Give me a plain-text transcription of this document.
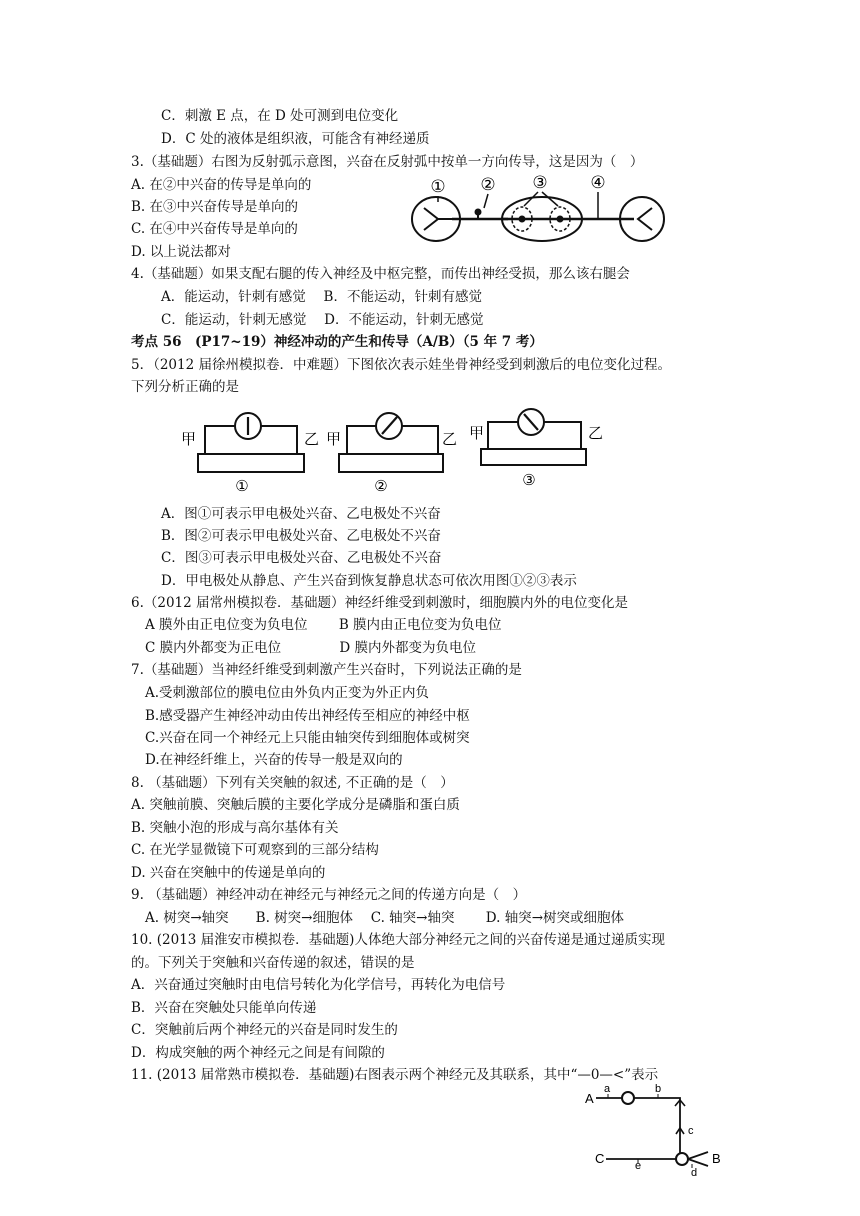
C．刺激 E 点，在 D 处可测到电位变化
D．C 处的液体是组织液，可能含有神经递质
3.（基础题）右图为反射弧示意图，兴奋在反射弧中按单一方向传导，这是因为（　）
A. 在②中兴奋的传导是单向的
B. 在③中兴奋传导是单向的
C. 在④中兴奋传导是单向的
D. 以上说法都对
4.（基础题）如果支配右腿的传入神经及中枢完整，而传出神经受损，那么该右腿会
A．能运动，针刺有感觉　 B．不能运动，针刺有感觉
C．能运动，针刺无感觉　 D．不能运动，针刺无感觉
考点 56　(P17~19）神经冲动的产生和传导（A/B）（5 年 7 考）
5．（2012 届徐州模拟卷．中难题）下图依次表示娃坐骨神经受到刺激后的电位变化过程。
下列分析正确的是
A．图①可表示甲电极处兴奋、乙电极处不兴奋
B．图②可表示甲电极处兴奋、乙电极处不兴奋
C．图③可表示甲电极处兴奋、乙电极处不兴奋
D．甲电极处从静息、产生兴奋到恢复静息状态可依次用图①②③表示
6.（2012 届常州模拟卷．基础题）神经纤维受到刺激时，细胞膜内外的电位变化是
A 膜外由正电位变为负电位　　 B 膜内由正电位变为负电位
C 膜内外都变为正电位　　　　 D 膜内外都变为负电位
7.（基础题）当神经纤维受到刺激产生兴奋时，下列说法正确的是
A.受刺激部位的膜电位由外负内正变为外正内负
B.感受器产生神经冲动由传出神经传至相应的神经中枢
C.兴奋在同一个神经元上只能由轴突传到细胞体或树突
D.在神经纤维上，兴奋的传导一般是双向的
8. （基础题）下列有关突触的叙述, 不正确的是（　）
A. 突触前膜、突触后膜的主要化学成分是磷脂和蛋白质
B. 突触小泡的形成与高尔基体有关
C. 在光学显微镜下可观察到的三部分结构
D. 兴奋在突触中的传递是单向的
9. （基础题）神经冲动在神经元与神经元之间的传递方向是（　）
A. 树突→轴突　　B. 树突→细胞体　 C. 轴突→轴突　　 D. 轴突→树突或细胞体
10. (2013 届淮安市模拟卷．基础题)人体绝大部分神经元之间的兴奋传递是通过递质实现
的。下列关于突触和兴奋传递的叙述，错误的是
A．兴奋通过突触时由电信号转化为化学信号，再转化为电信号
B．兴奋在突触处只能单向传递
C．突触前后两个神经元的兴奋是同时发生的
D．构成突触的两个神经元之间是有间隙的
11. (2013 届常熟市模拟卷．基础题)右图表示两个神经元及其联系，其中“—0—<”表示
① ② ③	④
甲	乙
①
甲	乙
②
甲	乙
③
A
a	b
c
C	e
d
B
